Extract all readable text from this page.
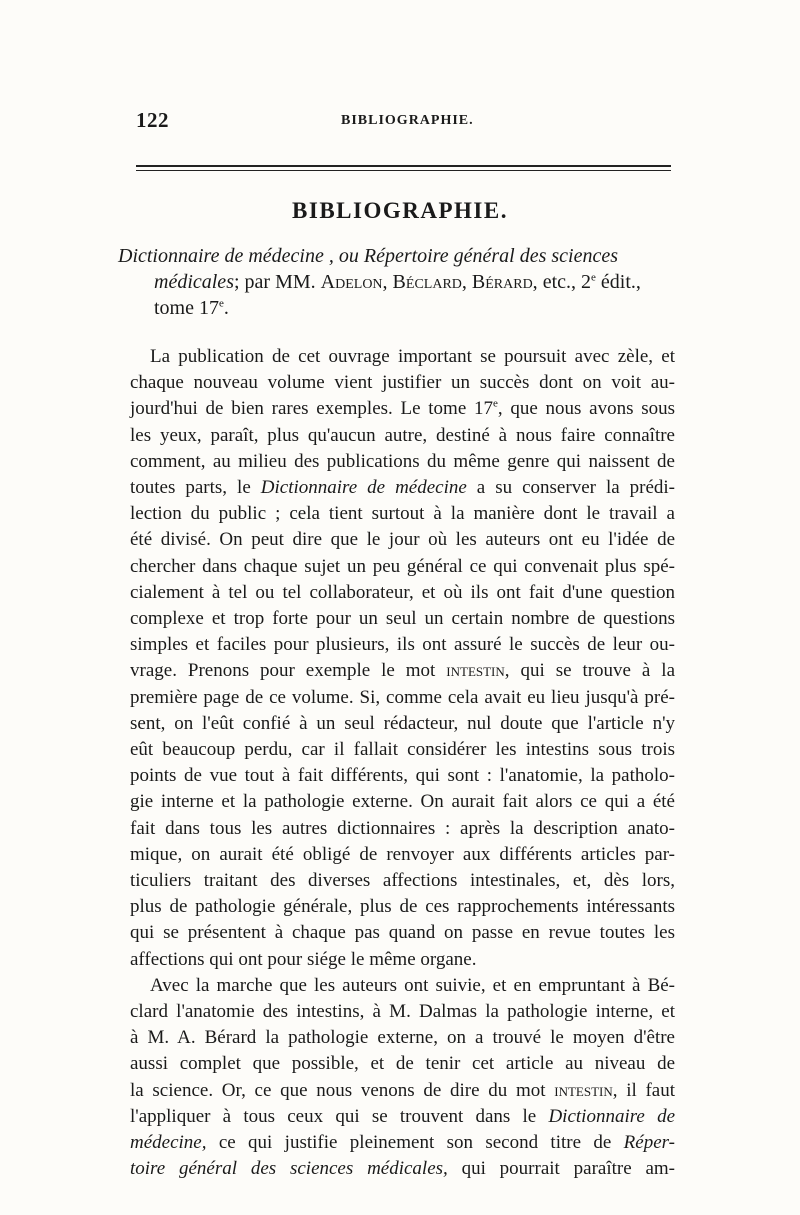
122	BIBLIOGRAPHIE.
BIBLIOGRAPHIE.
Dictionnaire de médecine , ou Répertoire général des sciences
médicales; par MM. Adelon, Béclard, Bérard, etc., 2e édit.,
tome 17e.
La publication de cet ouvrage important se poursuit avec zèle, et
chaque nouveau volume vient justifier un succès dont on voit au-
jourd'hui de bien rares exemples. Le tome 17e, que nous avons sous
les yeux, paraît, plus qu'aucun autre, destiné à nous faire connaître
comment, au milieu des publications du même genre qui naissent de
toutes parts, le Dictionnaire de médecine a su conserver la prédi-
lection du public ; cela tient surtout à la manière dont le travail a
été divisé. On peut dire que le jour où les auteurs ont eu l'idée de
chercher dans chaque sujet un peu général ce qui convenait plus spé-
cialement à tel ou tel collaborateur, et où ils ont fait d'une question
complexe et trop forte pour un seul un certain nombre de questions
simples et faciles pour plusieurs, ils ont assuré le succès de leur ou-
vrage. Prenons pour exemple le mot intestin, qui se trouve à la
première page de ce volume. Si, comme cela avait eu lieu jusqu'à pré-
sent, on l'eût confié à un seul rédacteur, nul doute que l'article n'y
eût beaucoup perdu, car il fallait considérer les intestins sous trois
points de vue tout à fait différents, qui sont : l'anatomie, la patholo-
gie interne et la pathologie externe. On aurait fait alors ce qui a été
fait dans tous les autres dictionnaires : après la description anato-
mique, on aurait été obligé de renvoyer aux différents articles par-
ticuliers traitant des diverses affections intestinales, et, dès lors,
plus de pathologie générale, plus de ces rapprochements intéressants
qui se présentent à chaque pas quand on passe en revue toutes les
affections qui ont pour siége le même organe.
Avec la marche que les auteurs ont suivie, et en empruntant à Bé-
clard l'anatomie des intestins, à M. Dalmas la pathologie interne, et
à M. A. Bérard la pathologie externe, on a trouvé le moyen d'être
aussi complet que possible, et de tenir cet article au niveau de
la science. Or, ce que nous venons de dire du mot intestin, il faut
l'appliquer à tous ceux qui se trouvent dans le Dictionnaire de
médecine, ce qui justifie pleinement son second titre de Réper-
toire général des sciences médicales, qui pourrait paraître am-
